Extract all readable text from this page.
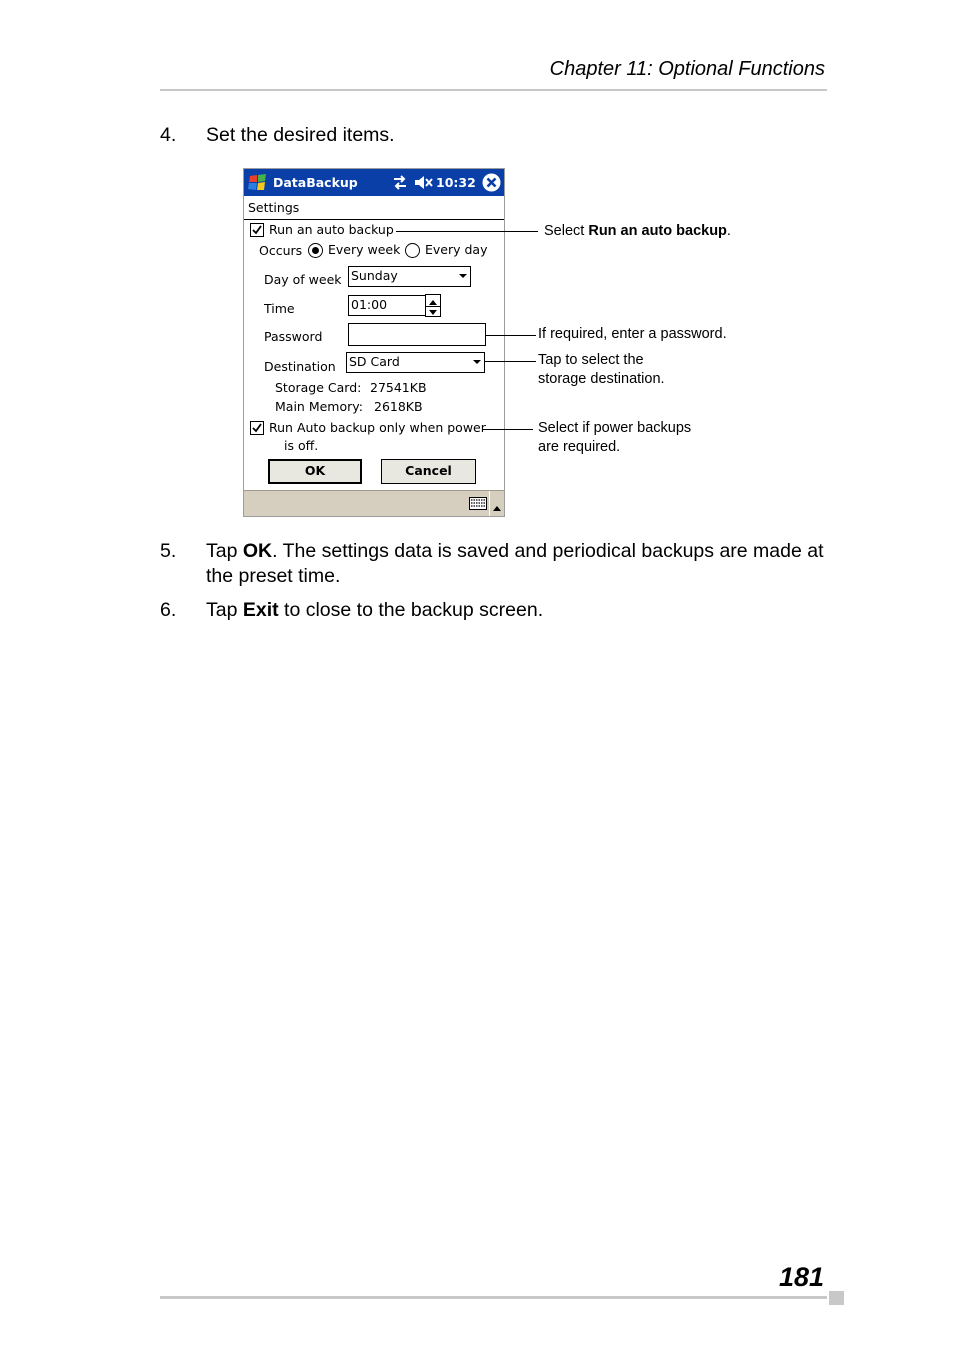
Chapter 11: Optional Functions
4. Set the desired items.
DataBackup	10:32
Settings
Run an auto backup
Occurs Every week Every day
Day of week Sunday
Time	01:00
Password
Destination SD Card
Storage Card: 27541KB
Main Memory: 2618KB
Run Auto backup only when power
is off.
OK	Cancel
Select Run an auto backup.
If required, enter a password.
Tap to select the
storage destination.
Select if power backups
are required.
5. Tap OK. The settings data is saved and periodical backups are made at the preset time.
6. Tap Exit to close to the backup screen.
181
